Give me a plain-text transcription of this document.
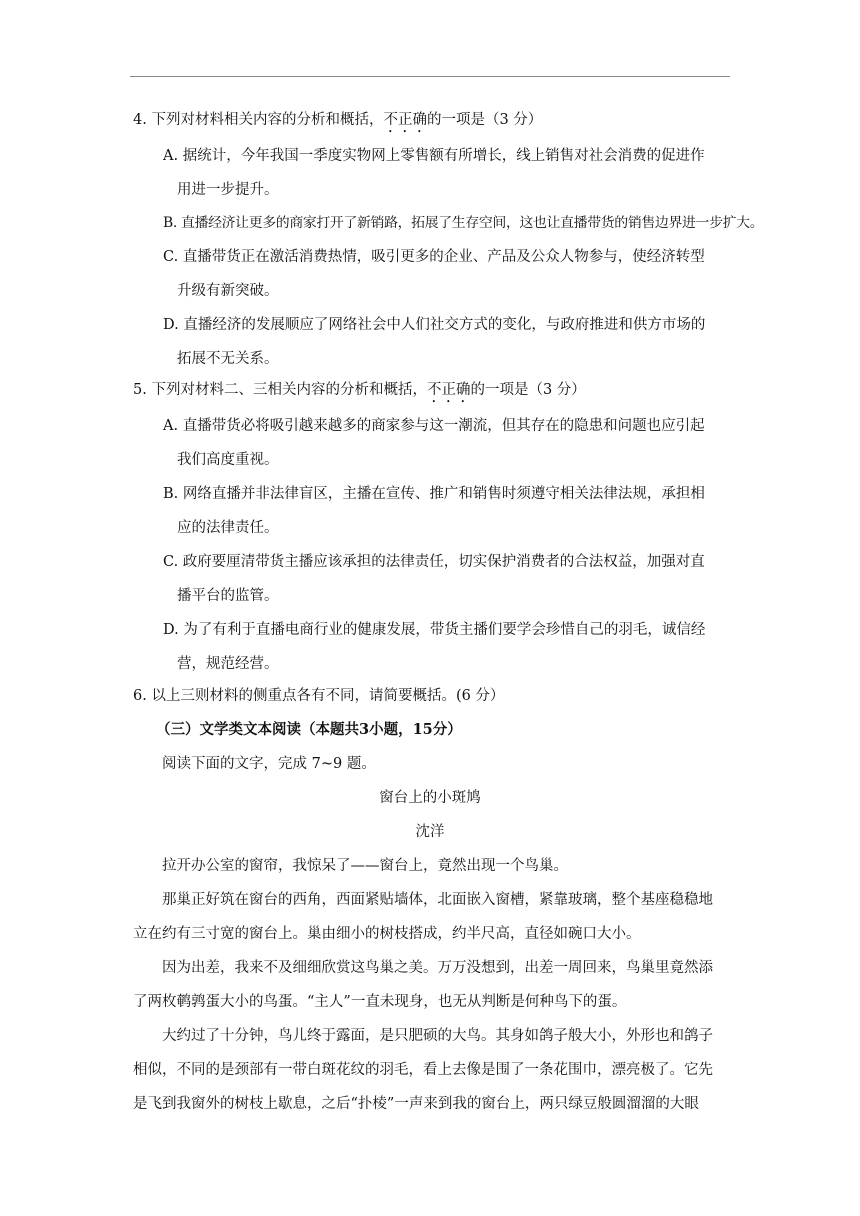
4. 下列对材料相关内容的分析和概括，不正确的一项是（3 分）
A. 据统计，今年我国一季度实物网上零售额有所增长，线上销售对社会消费的促进作
用进一步提升。
B. 直播经济让更多的商家打开了新销路，拓展了生存空间，这也让直播带货的销售边界进一步扩大。
C. 直播带货正在激活消费热情，吸引更多的企业、产品及公众人物参与，使经济转型
升级有新突破。
D. 直播经济的发展顺应了网络社会中人们社交方式的变化，与政府推进和供方市场的
拓展不无关系。
5. 下列对材料二、三相关内容的分析和概括，不正确的一项是（3 分）
A. 直播带货必将吸引越来越多的商家参与这一潮流，但其存在的隐患和问题也应引起
我们高度重视。
B. 网络直播并非法律盲区，主播在宣传、推广和销售时须遵守相关法律法规，承担相
应的法律责任。
C. 政府要厘清带货主播应该承担的法律责任，切实保护消费者的合法权益，加强对直
播平台的监管。
D. 为了有利于直播电商行业的健康发展，带货主播们要学会珍惜自己的羽毛，诚信经
营，规范经营。
6. 以上三则材料的侧重点各有不同，请简要概括。(6 分）
（三）文学类文本阅读（本题共3小题，15分）
阅读下面的文字，完成 7~9 题。
窗台上的小斑鸠
沈洋
拉开办公室的窗帘，我惊呆了——窗台上，竟然出现一个鸟巢。
那巢正好筑在窗台的西角，西面紧贴墙体，北面嵌入窗槽，紧靠玻璃，整个基座稳稳地
立在约有三寸宽的窗台上。巢由细小的树枝搭成，约半尺高，直径如碗口大小。
因为出差，我来不及细细欣赏这鸟巢之美。万万没想到，出差一周回来，鸟巢里竟然添
了两枚鹌鹑蛋大小的鸟蛋。“主人”一直未现身，也无从判断是何种鸟下的蛋。
大约过了十分钟，鸟儿终于露面，是只肥硕的大鸟。其身如鸽子般大小，外形也和鸽子
相似，不同的是颈部有一带白斑花纹的羽毛，看上去像是围了一条花围巾，漂亮极了。它先
是飞到我窗外的树枝上歇息，之后“扑棱”一声来到我的窗台上，两只绿豆般圆溜溜的大眼
